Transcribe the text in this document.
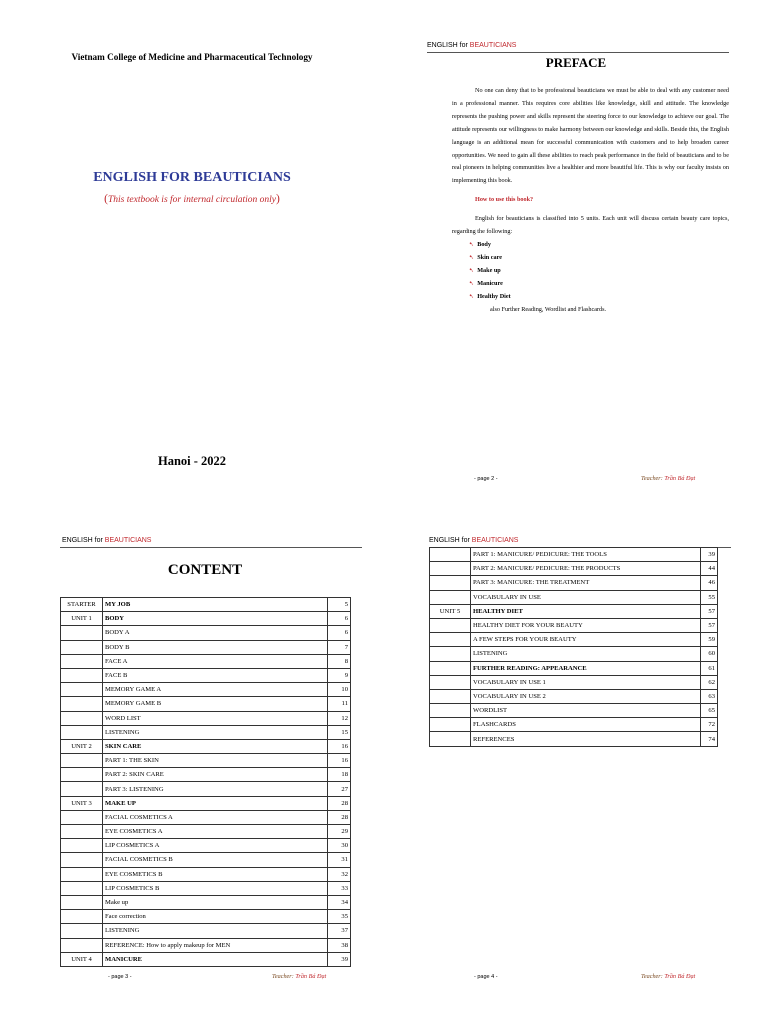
Vietnam College of Medicine and Pharmaceutical Technology
ENGLISH FOR BEAUTICIANS
(This textbook is for internal circulation only)
Hanoi - 2022
ENGLISH for BEAUTICIANS
PREFACE

No one can deny that to be professional beauticians we must be able to deal with any customer need in a professional manner. This requires core abilities like knowledge, skill and attitude. The knowledge represents the pushing power and skills represent the steering force to our knowledge to achieve our goal. The attitude represents our willingness to make harmony between our knowledge and skills. Beside this, the English language is an additional mean for successful communication with customers and to help broaden career opportunities. We need to gain all these abilities to reach peak performance in the field of beauticians and to be real pioneers in helping communities live a healthier and more beautiful life. This is why our faculty insists on implementing this book.

How to use this book?

English for beauticians is classified into 5 units. Each unit will discuss certain beauty care topics, regarding the following:

➷ Body
➷ Skin care
➷ Make up
➷ Manicure
➷ Healthy Diet
also Further Reading, Wordlist and Flashcards.
- page 2 -	Teacher: Trần Bá Đạt
ENGLISH for BEAUTICIANS
CONTENT
STARTER	MY JOB	5
UNIT 1	BODY	6
	BODY A	6
	BODY B	7
	FACE A	8
	FACE B	9
	MEMORY GAME A	10
	MEMORY GAME B	11
	WORD LIST	12
	LISTENING	15
UNIT 2	SKIN CARE	16
	PART 1: THE SKIN	16
	PART 2: SKIN CARE	18
	PART 3: LISTENING	27
UNIT 3	MAKE UP	28
	FACIAL COSMETICS A	28
	EYE COSMETICS A	29
	LIP COSMETICS A	30
	FACIAL COSMETICS B	31
	EYE COSMETICS B	32
	LIP COSMETICS B	33
	Make up	34
	Face correction	35
	LISTENING	37
	REFERENCE: How to apply makeup for MEN	38
UNIT 4	MANICURE	39
- page 3 -	Teacher: Trần Bá Đạt
ENGLISH for BEAUTICIANS
	PART 1: MANICURE/ PEDICURE: THE TOOLS	39
	PART 2: MANICURE/ PEDICURE: THE PRODUCTS	44
	PART 3: MANICURE: THE TREATMENT	46
	VOCABULARY IN USE	55
UNIT 5	HEALTHY DIET	57
	HEALTHY DIET FOR YOUR BEAUTY	57
	A FEW STEPS FOR YOUR BEAUTY	59
	LISTENING	60
	FURTHER READING: APPEARANCE	61
	VOCABULARY IN USE 1	62
	VOCABULARY IN USE 2	63
	WORDLIST	65
	FLASHCARDS	72
	REFERENCES	74
- page 4 -	Teacher: Trần Bá Đạt
